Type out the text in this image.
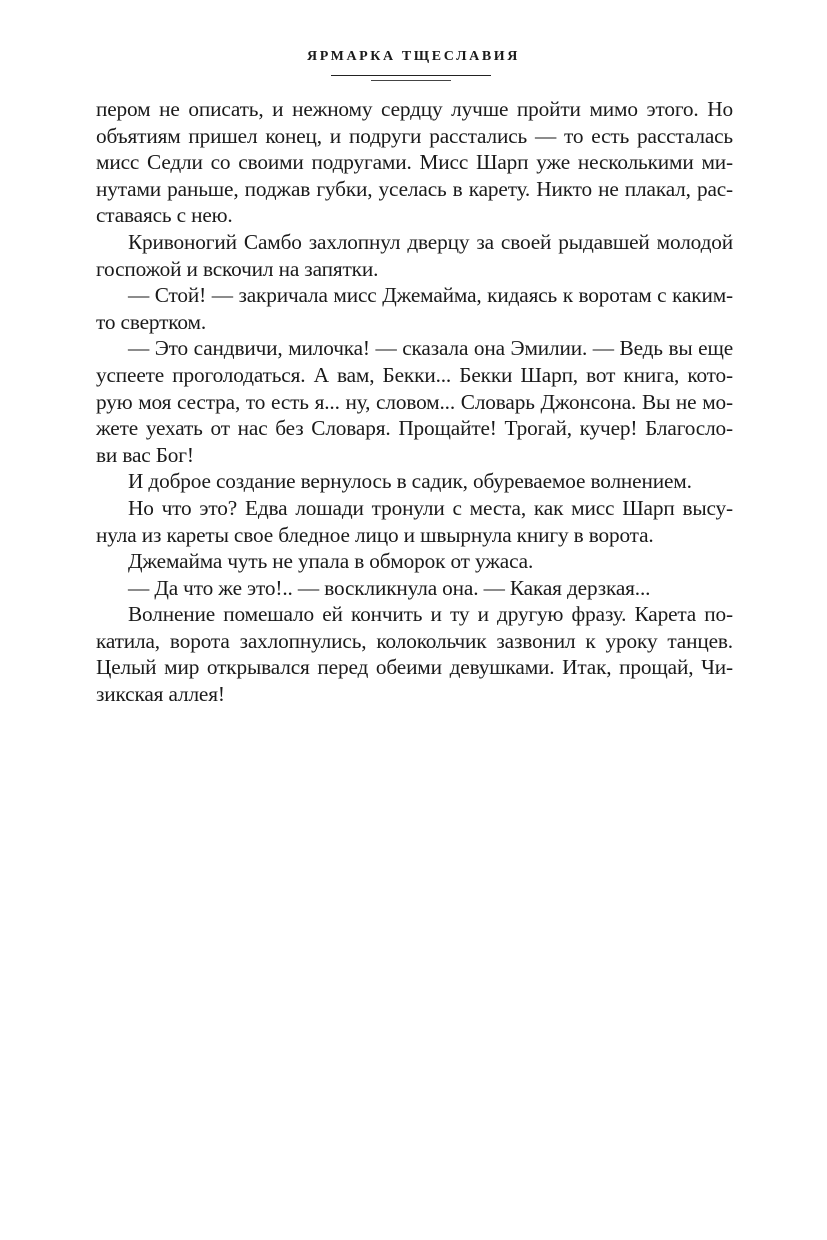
ЯРМАРКА ТЩЕСЛАВИЯ
пером не описать, и нежному сердцу лучше пройти мимо этого. Но
объятиям пришел конец, и подруги расстались — то есть рассталась
мисс Седли со своими подругами. Мисс Шарп уже несколькими ми-
нутами раньше, поджав губки, уселась в карету. Никто не плакал, рас-
ставаясь с нею.
Кривоногий Самбо захлопнул дверцу за своей рыдавшей молодой
госпожой и вскочил на запятки.
— Стой! — закричала мисс Джемайма, кидаясь к воротам с каким-
то свертком.
— Это сандвичи, милочка! — сказала она Эмилии. — Ведь вы еще
успеете проголодаться. А вам, Бекки... Бекки Шарп, вот книга, кото-
рую моя сестра, то есть я... ну, словом... Словарь Джонсона. Вы не мо-
жете уехать от нас без Словаря. Прощайте! Трогай, кучер! Благосло-
ви вас Бог!
И доброе создание вернулось в садик, обуреваемое волнением.
Но что это? Едва лошади тронули с места, как мисс Шарп высу-
нула из кареты свое бледное лицо и швырнула книгу в ворота.
Джемайма чуть не упала в обморок от ужаса.
— Да что же это!.. — воскликнула она. — Какая дерзкая...
Волнение помешало ей кончить и ту и другую фразу. Карета по-
катила, ворота захлопнулись, колокольчик зазвонил к уроку танцев.
Целый мир открывался перед обеими девушками. Итак, прощай, Чи-
зикская аллея!
